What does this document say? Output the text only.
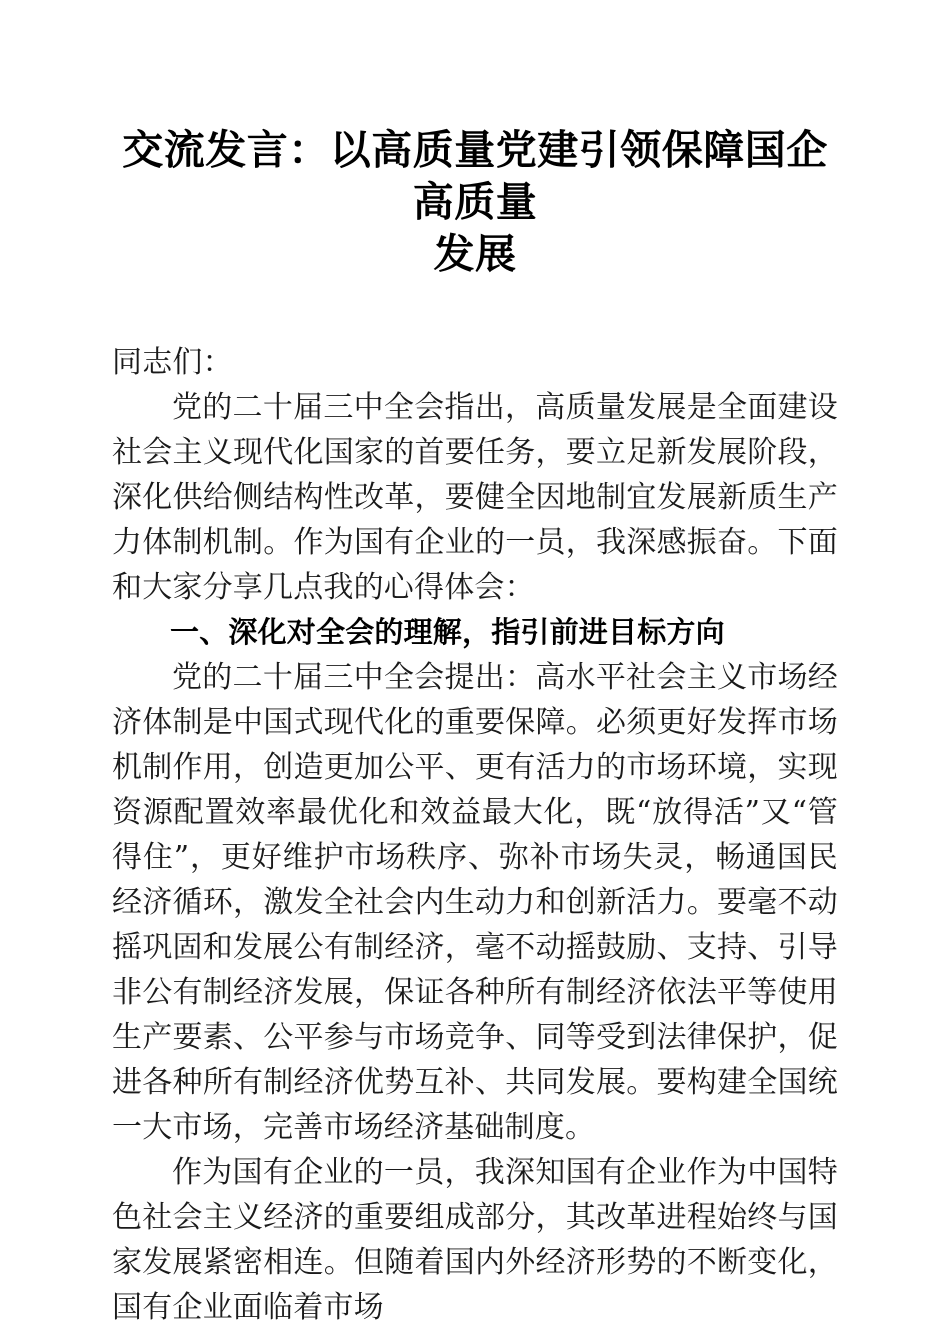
交流发言：以高质量党建引领保障国企高质量
发展

同志们：

党的二十届三中全会指出，高质量发展是全面建设社会主义现代化国家的首要任务，要立足新发展阶段，深化供给侧结构性改革，要健全因地制宜发展新质生产力体制机制。作为国有企业的一员，我深感振奋。下面和大家分享几点我的心得体会：

一、深化对全会的理解，指引前进目标方向

党的二十届三中全会提出：高水平社会主义市场经济体制是中国式现代化的重要保障。必须更好发挥市场机制作用，创造更加公平、更有活力的市场环境，实现资源配置效率最优化和效益最大化，既“放得活”又“管得住”，更好维护市场秩序、弥补市场失灵，畅通国民经济循环，激发全社会内生动力和创新活力。要毫不动摇巩固和发展公有制经济，毫不动摇鼓励、支持、引导非公有制经济发展，保证各种所有制经济依法平等使用生产要素、公平参与市场竞争、同等受到法律保护，促进各种所有制经济优势互补、共同发展。要构建全国统一大市场，完善市场经济基础制度。

作为国有企业的一员，我深知国有企业作为中国特色社会主义经济的重要组成部分，其改革进程始终与国家发展紧密相连。但随着国内外经济形势的不断变化，国有企业面临着市场
